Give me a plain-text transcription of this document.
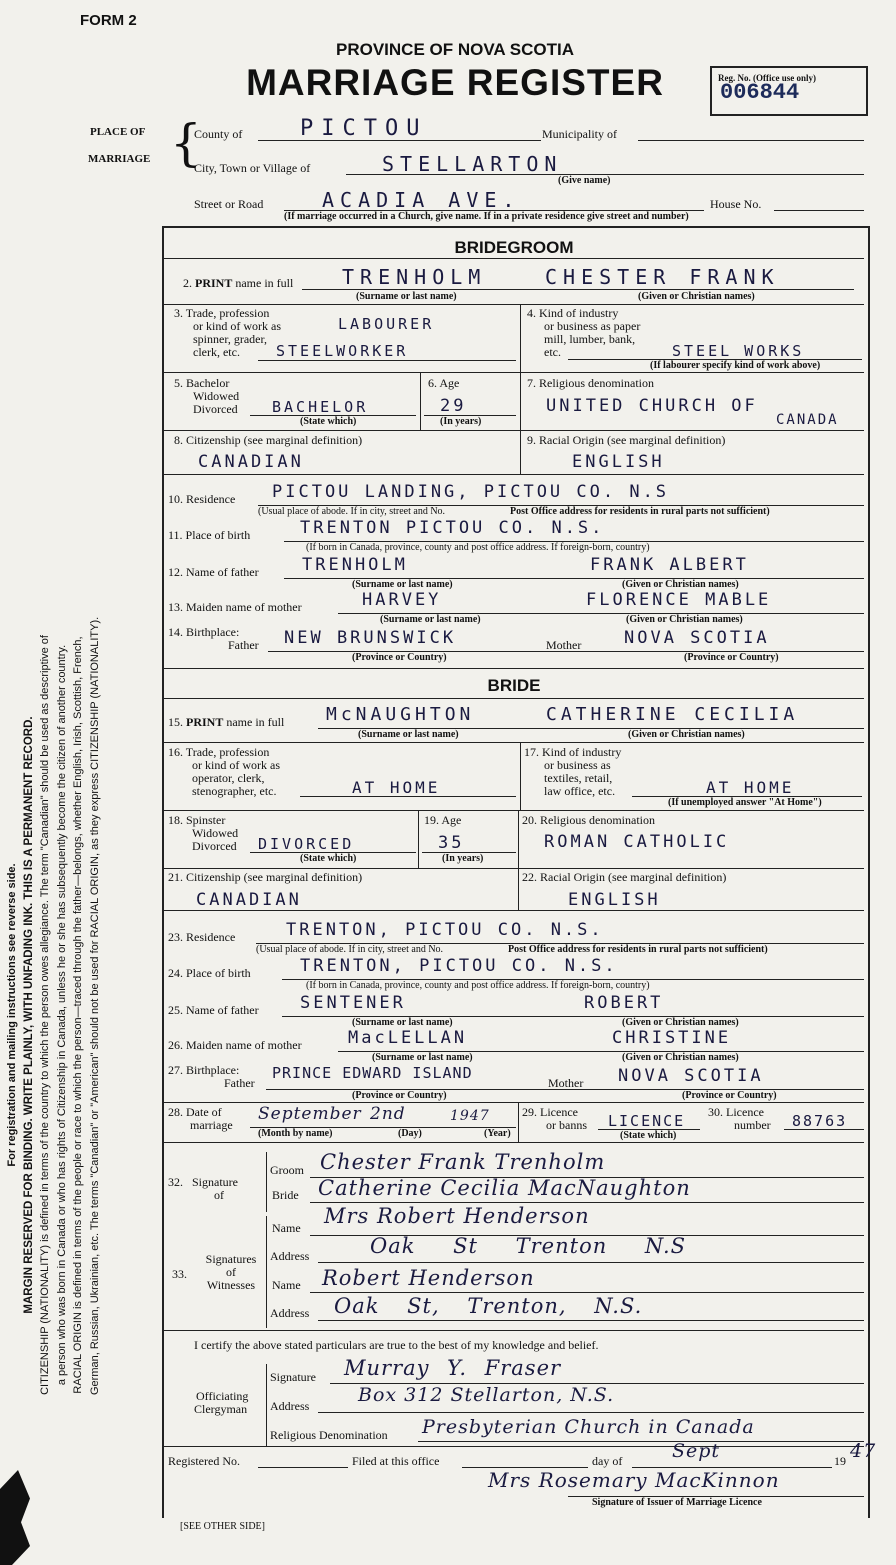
FORM 2
PROVINCE OF NOVA SCOTIA
MARRIAGE REGISTER	Reg. No. (Office use only)
006844
PLACE OF
MARRIAGE {
County of	PICTOU	Municipality of
City, Town or Village of	STELLARTON
(Give name)
Street or Road	ACADIA AVE.	House No.
(If marriage occurred in a Church, give name. If in a private residence give street and number)
BRIDEGROOM
2. PRINT name in full TRENHOLM	CHESTER FRANK
(Surname or last name)	(Given or Christian names)
3. Trade, profession
or kind of work as
spinner, grader,
clerk, etc.
LABOURER
STEELWORKER
4. Kind of industry
or business as paper
mill, lumber, bank,
etc.	STEEL WORKS
(If labourer specify kind of work above)
5. Bachelor
Widowed
Divorced BACHELOR
(State which)
6. Age
29
(In years)
7. Religious denomination
UNITED CHURCH OF
CANADA
8. Citizenship (see marginal definition)
CANADIAN
9. Racial Origin (see marginal definition)
ENGLISH
10. Residence PICTOU LANDING, PICTOU CO. N.S
(Usual place of abode. If in city, street and No.	Post Office address for residents in rural parts not sufficient)
11. Place of birth	TRENTON PICTOU CO. N.S.
(If born in Canada, province, county and post office address. If foreign-born, country)
12. Name of father	TRENHOLM	FRANK ALBERT
(Surname or last name)	(Given or Christian names)
13. Maiden name of mother	HARVEY	FLORENCE MABLE
(Surname or last name)	(Given or Christian names)
14. Birthplace:
Father NEW BRUNSWICK	Mother	NOVA SCOTIA
(Province or Country)	(Province or Country)
BRIDE
15. PRINT name in full McNAUGHTON	CATHERINE CECILIA
(Surname or last name)	(Given or Christian names)
16. Trade, profession
or kind of work as
operator, clerk,
stenographer, etc.	AT HOME
17. Kind of industry
or business as
textiles, retail,
law office, etc.	AT HOME
(If unemployed answer "At Home")
18. Spinster
Widowed
Divorced DIVORCED
(State which)
19. Age
35
(In years)
20. Religious denomination
ROMAN CATHOLIC
21. Citizenship (see marginal definition)
CANADIAN
22. Racial Origin (see marginal definition)
ENGLISH
23. Residence	TRENTON, PICTOU CO. N.S.
(Usual place of abode. If in city, street and No.	Post Office address for residents in rural parts not sufficient)
24. Place of birth	TRENTON, PICTOU CO. N.S.
(If born in Canada, province, county and post office address. If foreign-born, country)
25. Name of father SENTENER	ROBERT
(Surname or last name)	(Given or Christian names)
26. Maiden name of mother	MacLELLAN	CHRISTINE
(Surname or last name)	(Given or Christian names)
27. Birthplace:
Father
PRINCE EDWARD ISLAND
Mother NOVA SCOTIA
(Province or Country)	(Province or Country)
28. Date of
marriage
September 2nd	1947
(Month by name)	(Day)	(Year)
29. Licence
or banns LICENCE
(State which)
30. Licence
number 88763
32. Signature
of
Groom Chester Frank Trenholm
Bride Catherine Cecilia MacNaughton
33.
Signatures
of
Witnesses
Name Mrs Robert Henderson
Address	Oak St Trenton N.S
Name Robert Henderson
Address Oak St, Trenton, N.S.
I certify the above stated particulars are true to the best of my knowledge and belief.
Officiating
Clergyman
Signature Murray Y. Fraser
Address	Box 312 Stellarton, N.S.
Religious Denomination Presbyterian Church in Canada
Registered No.	Filed at this office	day of	Sept	19 47
Mrs Rosemary MacKinnon
Signature of Issuer of Marriage Licence
[SEE OTHER SIDE]
For registration and mailing instructions see reverse side. MARGIN RESERVED FOR BINDING. WRITE PLAINLY, WITH UNFADING INK. THIS IS A PERMANENT RECORD. CITIZENSHIP (NATIONALITY) is defined in terms of the country to which the person owes allegiance. The term "Canadian" should be used as descriptive of a person who was born in Canada or who has rights of Citizenship in Canada, unless he or she has subsequently become the citizen of another country. RACIAL ORIGIN is defined in terms of the people or race to which the person—traced through the father—belongs, whether English, Irish, Scottish, French, German, Russian, Ukrainian, etc. The terms "Canadian" or "American" should not be used for RACIAL ORIGIN, as they express CITIZENSHIP (NATIONALITY).
